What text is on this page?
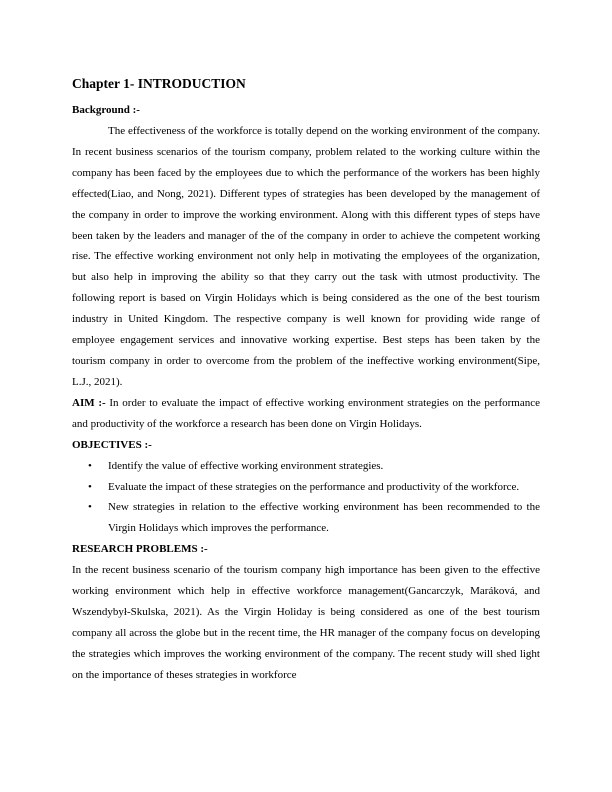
Chapter 1- INTRODUCTION
Background :-

The effectiveness of the workforce is totally depend on the working environment of the company. In recent business scenarios of the tourism company, problem related to the working culture within the company has been faced by the employees due to which the performance of the workers has been highly effected(Liao, and Nong, 2021). Different types of strategies has been developed by the management of the company in order to improve the working environment. Along with this different types of steps have been taken by the leaders and manager of the of the company in order to achieve the competent working rise. The effective working environment not only help in motivating the employees of the organization, but also help in improving the ability so that they carry out the task with utmost productivity. The following report is based on Virgin Holidays which is being considered as the one of the best tourism industry in United Kingdom. The respective company is well known for providing wide range of employee engagement services and innovative working expertise. Best steps has been taken by the tourism company in order to overcome from the problem of the ineffective working environment(Sipe, L.J., 2021).

AIM :- In order to evaluate the impact of effective working environment strategies on the performance and productivity of the workforce a research has been done on Virgin Holidays.

OBJECTIVES :-
• Identify the value of effective working environment strategies.
• Evaluate the impact of these strategies on the performance and productivity of the workforce.
• New strategies in relation to the effective working environment has been recommended to the Virgin Holidays which improves the performance.
RESEARCH PROBLEMS :-

In the recent business scenario of the tourism company high importance has been given to the effective working environment which help in effective workforce management(Gancarczyk, Maráková, and Wszendybył-Skulska, 2021). As the Virgin Holiday is being considered as one of the best tourism company all across the globe but in the recent time, the HR manager of the company focus on developing the strategies which improves the working environment of the company. The recent study will shed light on the importance of theses strategies in workforce
